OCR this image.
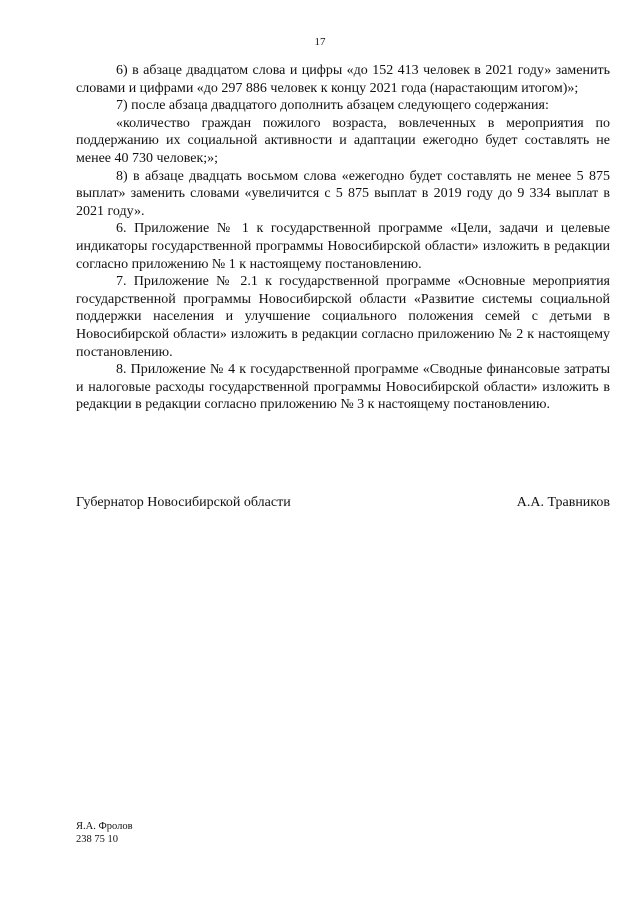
17

6) в абзаце двадцатом слова и цифры «до 152 413 человек в 2021 году» заменить словами и цифрами «до 297 886 человек к концу 2021 года (нарастающим итогом)»;

7) после абзаца двадцатого дополнить абзацем следующего содержания:

«количество граждан пожилого возраста, вовлеченных в мероприятия по поддержанию их социальной активности и адаптации ежегодно будет составлять не менее 40 730 человек;»;

8) в абзаце двадцать восьмом слова «ежегодно будет составлять не менее 5 875 выплат» заменить словами «увеличится с 5 875 выплат в 2019 году до 9 334 выплат в 2021 году».

6. Приложение № 1 к государственной программе «Цели, задачи и целевые индикаторы государственной программы Новосибирской области» изложить в редакции согласно приложению № 1 к настоящему постановлению.

7. Приложение № 2.1 к государственной программе «Основные мероприятия государственной программы Новосибирской области «Развитие системы социальной поддержки населения и улучшение социального положения семей с детьми в Новосибирской области» изложить в редакции согласно приложению № 2 к настоящему постановлению.

8. Приложение № 4 к государственной программе «Сводные финансовые затраты и налоговые расходы государственной программы Новосибирской области» изложить в редакции в редакции согласно приложению № 3 к настоящему постановлению.

Губернатор Новосибирской области	А.А. Травников
Я.А. Фролов
238 75 10
